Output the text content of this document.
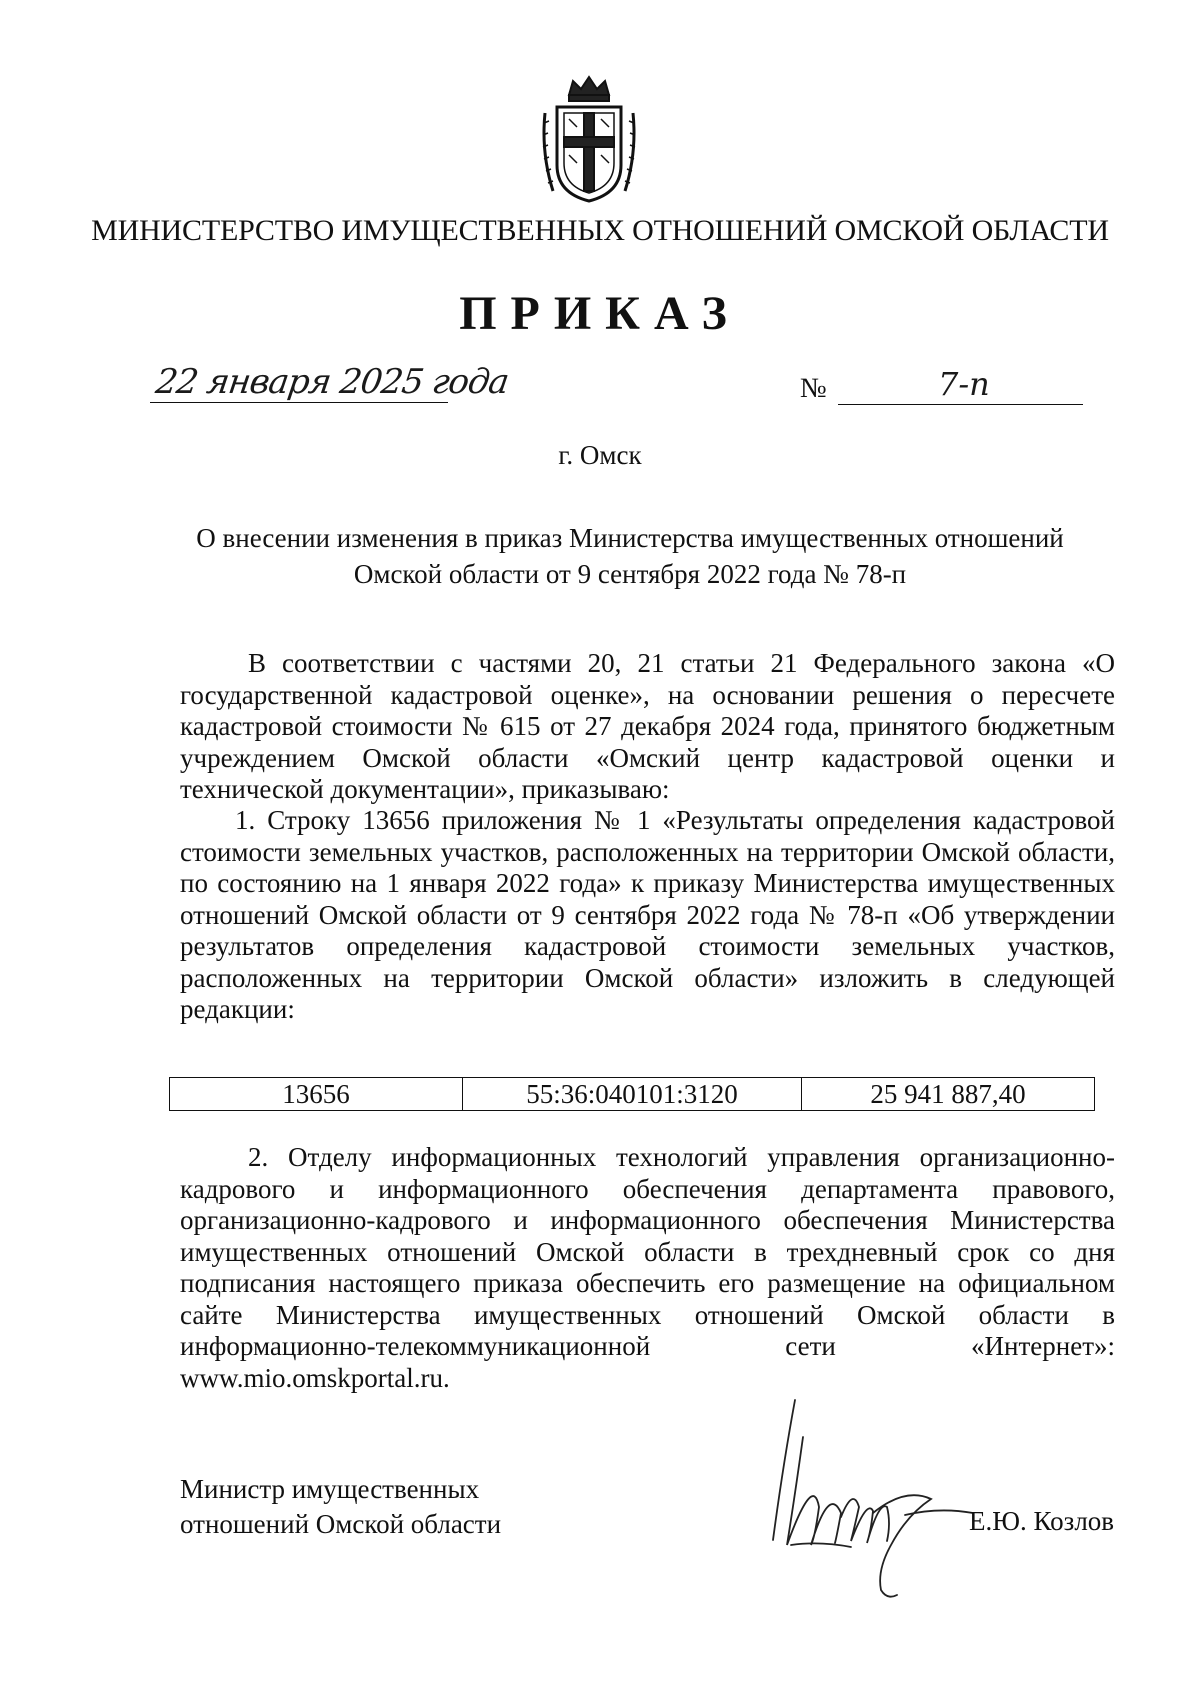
МИНИСТЕРСТВО ИМУЩЕСТВЕННЫХ ОТНОШЕНИЙ ОМСКОЙ ОБЛАСТИ
ПРИКАЗ
22 января 2025 года	№	7-п
г. Омск
О внесении изменения в приказ Министерства имущественных отношений
Омской области от 9 сентября 2022 года № 78-п
В соответствии с частями 20, 21 статьи 21 Федерального закона «О государственной кадастровой оценке», на основании решения о пересчете кадастровой стоимости № 615 от 27 декабря 2024 года, принятого бюджетным учреждением Омской области «Омский центр кадастровой оценки и технической документации», приказываю:
1. Строку 13656 приложения № 1 «Результаты определения кадастровой стоимости земельных участков, расположенных на территории Омской области, по состоянию на 1 января 2022 года» к приказу Министерства имущественных отношений Омской области от 9 сентября 2022 года № 78-п «Об утверждении результатов определения кадастровой стоимости земельных участков, расположенных на территории Омской области» изложить в следующей редакции:
13656	55:36:040101:3120	25 941 887,40
2. Отделу информационных технологий управления организационно-кадрового и информационного обеспечения департамента правового, организационно-кадрового и информационного обеспечения Министерства имущественных отношений Омской области в трехдневный срок со дня подписания настоящего приказа обеспечить его размещение на официальном сайте Министерства имущественных отношений Омской области в информационно-телекоммуникационной сети «Интернет»: www.mio.omskportal.ru.
Министр имущественных
отношений Омской области	Е.Ю. Козлов
